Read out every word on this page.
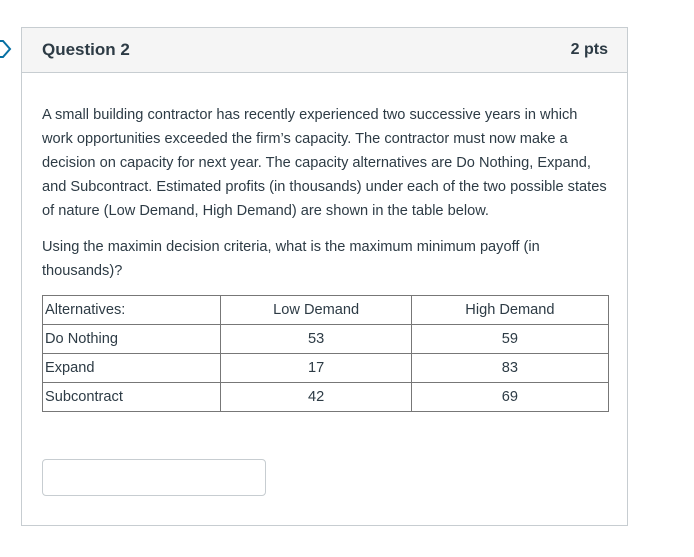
Question 2	2 pts

A small building contractor has recently experienced two successive years in which work opportunities exceeded the firm’s capacity. The contractor must now make a decision on capacity for next year. The capacity alternatives are Do Nothing, Expand, and Subcontract. Estimated profits (in thousands) under each of the two possible states of nature (Low Demand, High Demand) are shown in the table below.

Using the maximin decision criteria, what is the maximum minimum payoff (in thousands)?

Alternatives:	Low Demand	High Demand
Do Nothing	53	59
Expand	17	83
Subcontract	42	69
